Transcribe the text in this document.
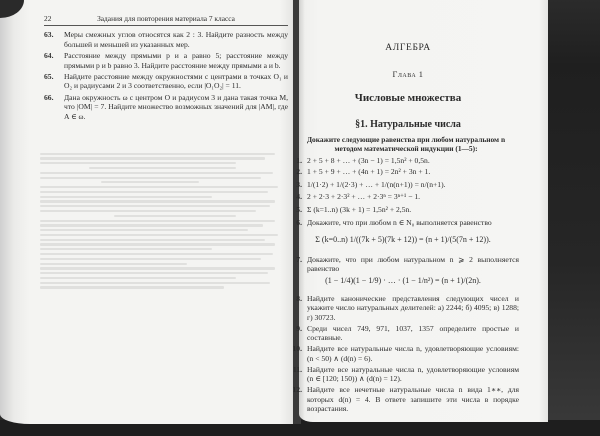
22	Задания для повторения материала 7 класса
63.	Меры смежных углов относятся как 2 : 3. Найдите разность между большей и меньшей из указанных мер.
64.	Расстояние между прямыми p и a равно 5; расстояние между прямыми p и b равно 3. Найдите расстояние между прямыми a и b.
65.	Найдите расстояние между окружностями с центрами в точках O₁ и O₂ и радиусами 2 и 3 соответственно, если |O₁O₂| = 11.
66.	Дана окружность ω с центром O и радиусом 3 и дана такая точка M, что |OM| = 7. Найдите множество возможных значений для |AM|, где A ∈ ω.
АЛГЕБРА
Глава 1
Числовые множества
§1. Натуральные числа
Докажите следующие равенства при любом натуральном n методом математической индукции (1—5):
1. 2 + 5 + 8 + … + (3n − 1) = 1,5n² + 0,5n.
2. 1 + 5 + 9 + … + (4n + 1) = 2n² + 3n + 1.
3. 1/(1·2) + 1/(2·3) + … + 1/(n(n+1)) = n/(n+1).
4. 2 + 2·3 + 2·3² + … + 2·3ⁿ = 3ⁿ⁺¹ − 1.
5. Σ (k=1..n) (3k + 1) = 1,5n² + 2,5n.
6. Докажите, что при любом n ∈ N₀ выполняется равенство
Σ (k=0..n) 1/((7k + 5)(7k + 12)) = (n + 1)/(5(7n + 12)).
7. Докажите, что при любом натуральном n ⩾ 2 выполняется равенство
(1 − 1/4)(1 − 1/9) · … · (1 − 1/n²) = (n + 1)/(2n).
8. Найдите канонические представления следующих чисел и укажите число натуральных делителей: а) 2244; б) 4095; в) 1288; г) 30723.
9. Среди чисел 749, 971, 1037, 1357 определите простые и составные.
10. Найдите все натуральные числа n, удовлетворяющие условиям: (n < 50) ∧ (d(n) = 6).
11. Найдите все натуральные числа n, удовлетворяющие условиям (n ∈ [120; 150)) ∧ (d(n) = 12).
12. Найдите все нечетные натуральные числа n вида 1∗∗, для которых d(n) = 4. В ответе запишите эти числа в порядке возрастания.
